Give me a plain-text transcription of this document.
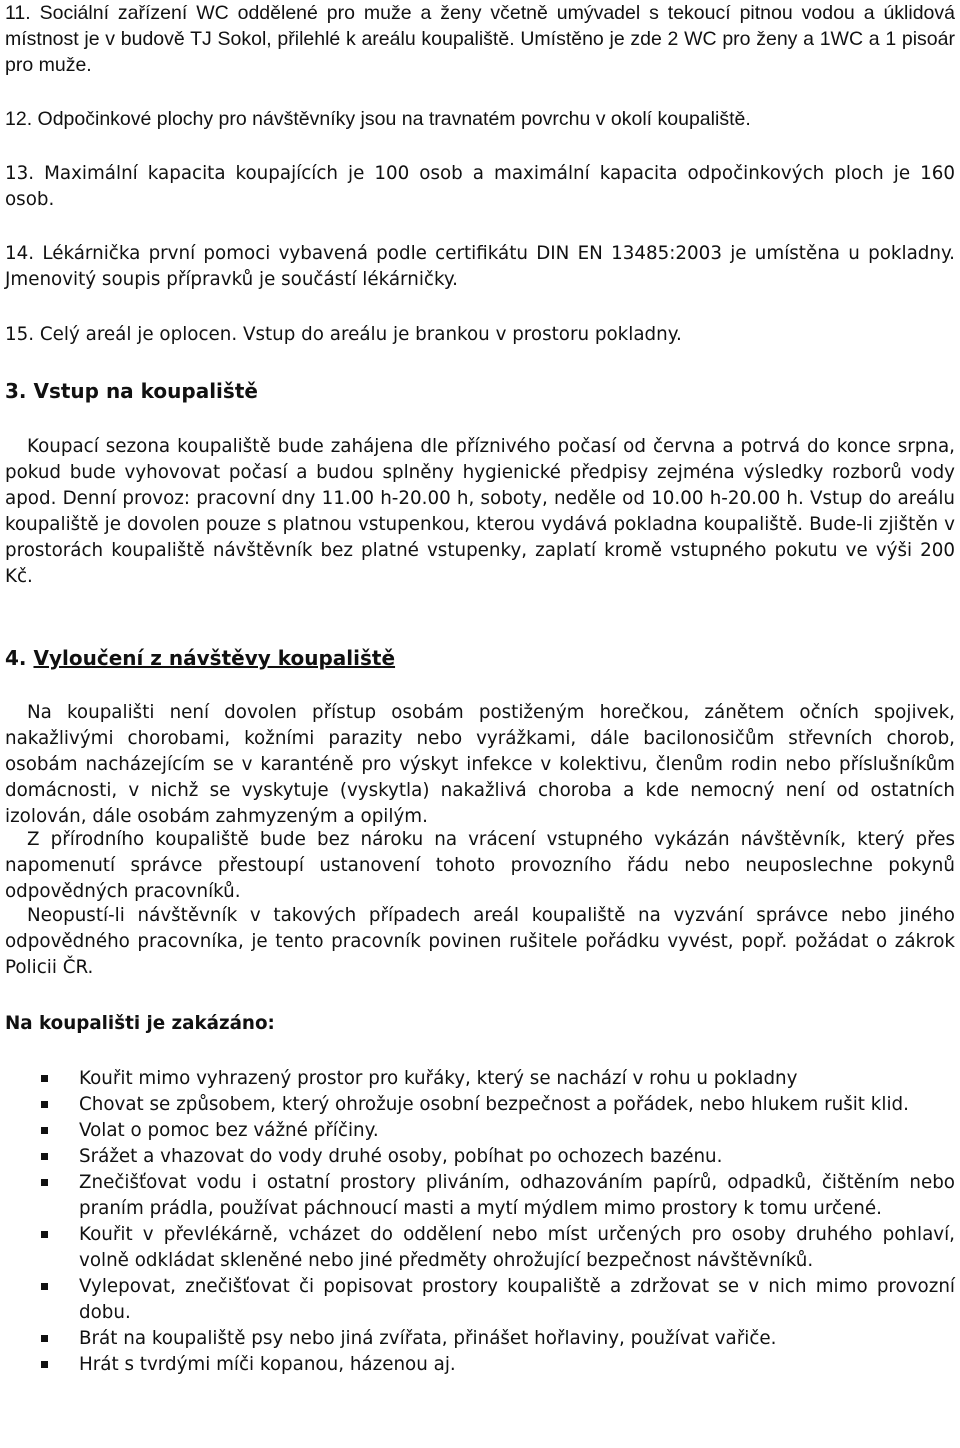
11. Sociální zařízení WC oddělené pro muže a ženy včetně umývadel s tekoucí pitnou vodou a úklidová místnost je v budově TJ Sokol, přilehlé k areálu koupaliště. Umístěno je zde 2 WC pro ženy a 1WC a 1 pisoár pro muže.

12. Odpočinkové plochy pro návštěvníky jsou na travnatém povrchu v okolí koupaliště.

13. Maximální kapacita koupajících je 100 osob a maximální kapacita odpočinkových ploch je 160 osob.

14. Lékárnička první pomoci vybavená podle certifikátu DIN EN 13485:2003 je umístěna u pokladny. Jmenovitý soupis přípravků je součástí lékárničky.

15. Celý areál je oplocen. Vstup do areálu je brankou v prostoru pokladny.

3. Vstup na koupaliště

Koupací sezona koupaliště bude zahájena dle příznivého počasí od června a potrvá do konce srpna, pokud bude vyhovovat počasí a budou splněny hygienické předpisy zejména výsledky rozborů vody apod. Denní provoz: pracovní dny 11.00 h-20.00 h, soboty, neděle od 10.00 h-20.00 h. Vstup do areálu koupaliště je dovolen pouze s platnou vstupenkou, kterou vydává pokladna koupaliště. Bude-li zjištěn v prostorách koupaliště návštěvník bez platné vstupenky, zaplatí kromě vstupného pokutu ve výši 200 Kč.

4. Vyloučení z návštěvy koupaliště

Na koupališti není dovolen přístup osobám postiženým horečkou, zánětem očních spojivek, nakažlivými chorobami, kožními parazity nebo vyrážkami, dále bacilonosičům střevních chorob, osobám nacházejícím se v karanténě pro výskyt infekce v kolektivu, členům rodin nebo příslušníkům domácnosti, v nichž se vyskytuje (vyskytla) nakažlivá choroba a kde nemocný není od ostatních izolován, dále osobám zahmyzeným a opilým.

Z přírodního koupaliště bude bez nároku na vrácení vstupného vykázán návštěvník, který přes napomenutí správce přestoupí ustanovení tohoto provozního řádu nebo neuposlechne pokynů odpovědných pracovníků.

Neopustí-li návštěvník v takových případech areál koupaliště na vyzvání správce nebo jiného odpovědného pracovníka, je tento pracovník povinen rušitele pořádku vyvést, popř. požádat o zákrok Policii ČR.

Na koupališti je zakázáno:
Kouřit mimo vyhrazený prostor pro kuřáky, který se nachází v rohu u pokladny
Chovat se způsobem, který ohrožuje osobní bezpečnost a pořádek, nebo hlukem rušit klid.
Volat o pomoc bez vážné příčiny.
Srážet a vhazovat do vody druhé osoby, pobíhat po ochozech bazénu.
Znečišťovat vodu i ostatní prostory pliváním, odhazováním papírů, odpadků, čištěním nebo praním prádla, používat páchnoucí masti a mytí mýdlem mimo prostory k tomu určené.
Kouřit v převlékárně, vcházet do oddělení nebo míst určených pro osoby druhého pohlaví, volně odkládat skleněné nebo jiné předměty ohrožující bezpečnost návštěvníků.
Vylepovat, znečišťovat či popisovat prostory koupaliště a zdržovat se v nich mimo provozní dobu.
Brát na koupaliště psy nebo jiná zvířata, přinášet hořlaviny, používat vařiče.
Hrát s tvrdými míči kopanou, házenou aj.
